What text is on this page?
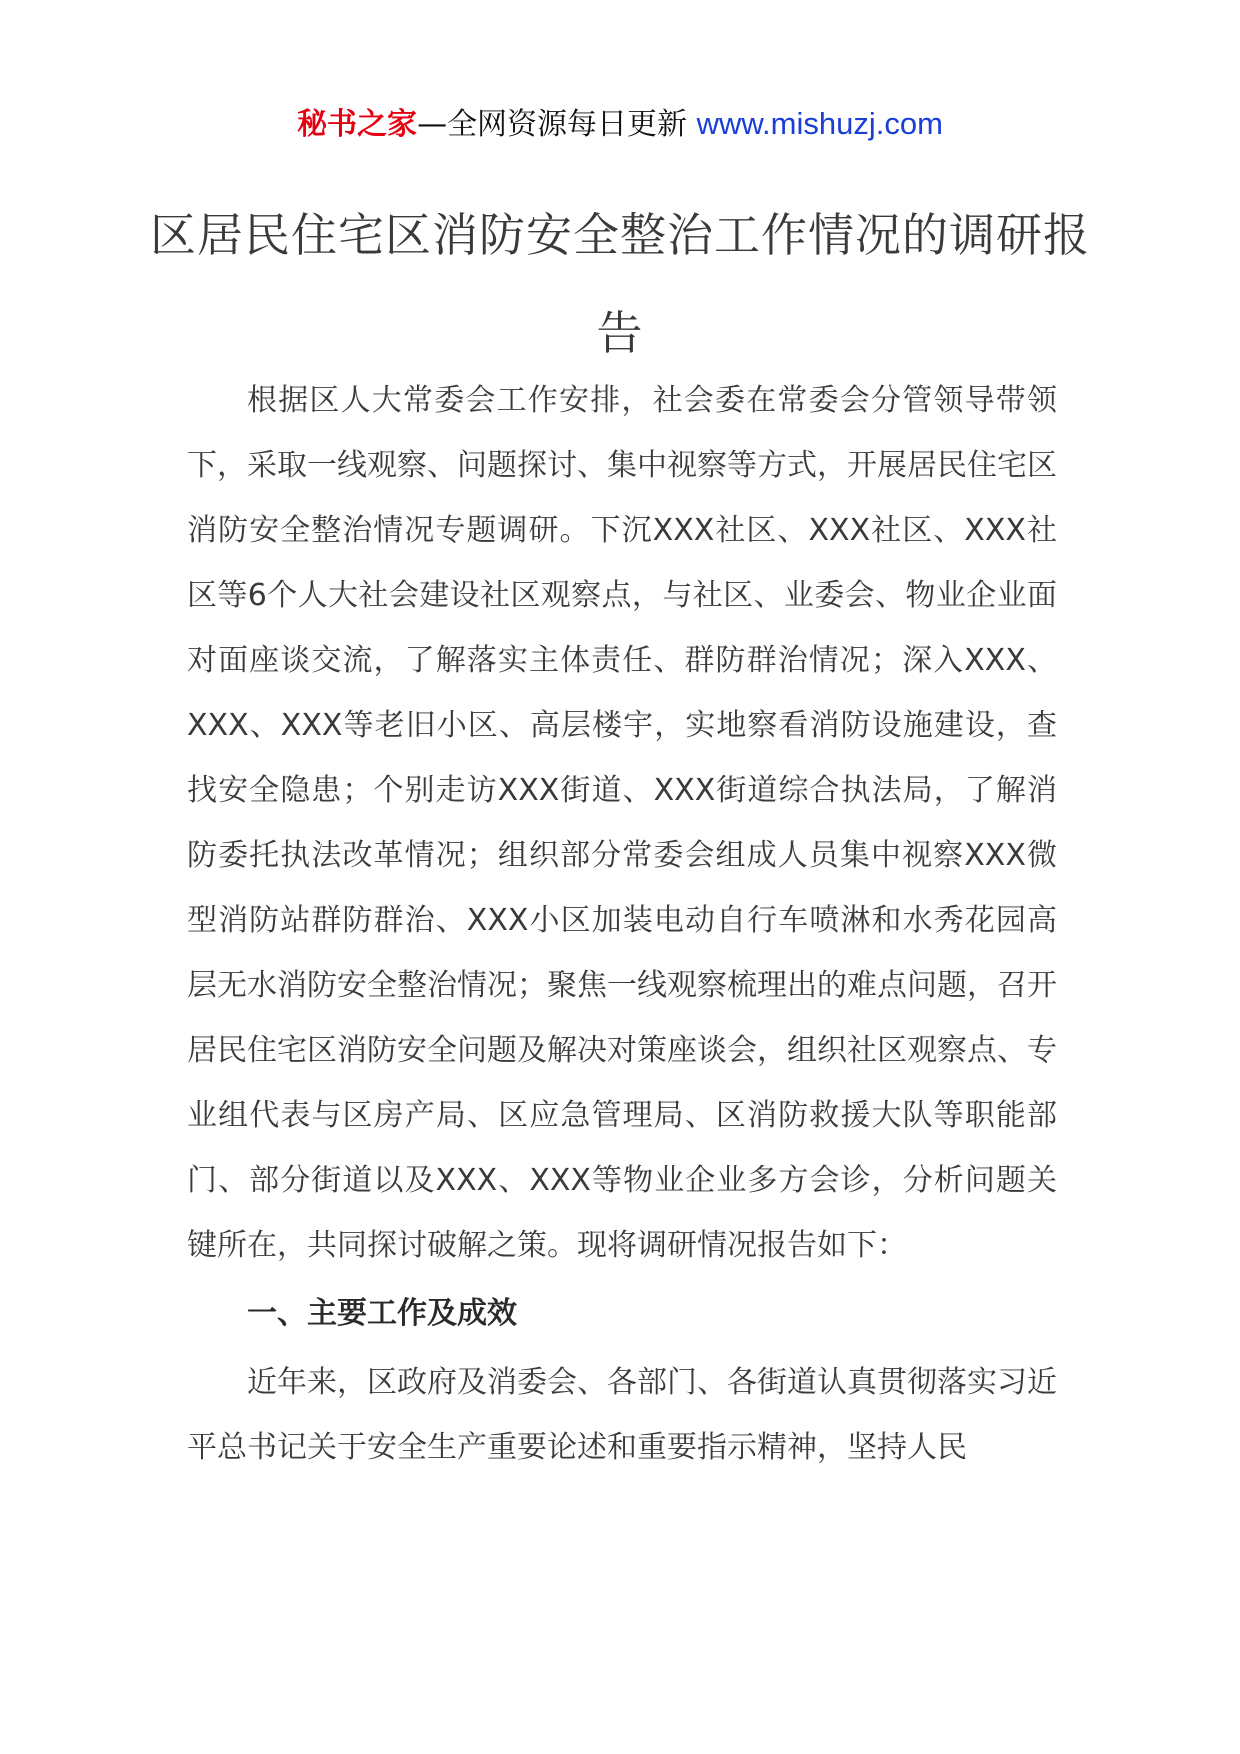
秘书之家—全网资源每日更新 www.mishuzj.com
区居民住宅区消防安全整治工作情况的调研报告

根据区人大常委会工作安排，社会委在常委会分管领导带领下，采取一线观察、问题探讨、集中视察等方式，开展居民住宅区消防安全整治情况专题调研。下沉XXX社区、XXX社区、XXX社区等6个人大社会建设社区观察点，与社区、业委会、物业企业面对面座谈交流，了解落实主体责任、群防群治情况；深入XXX、XXX、XXX等老旧小区、高层楼宇，实地察看消防设施建设，查找安全隐患；个别走访XXX街道、XXX街道综合执法局，了解消防委托执法改革情况；组织部分常委会组成人员集中视察XXX微型消防站群防群治、XXX小区加装电动自行车喷淋和水秀花园高层无水消防安全整治情况；聚焦一线观察梳理出的难点问题，召开居民住宅区消防安全问题及解决对策座谈会，组织社区观察点、专业组代表与区房产局、区应急管理局、区消防救援大队等职能部门、部分街道以及XXX、XXX等物业企业多方会诊，分析问题关键所在，共同探讨破解之策。现将调研情况报告如下：

一、主要工作及成效

近年来，区政府及消委会、各部门、各街道认真贯彻落实习近平总书记关于安全生产重要论述和重要指示精神，坚持人民
